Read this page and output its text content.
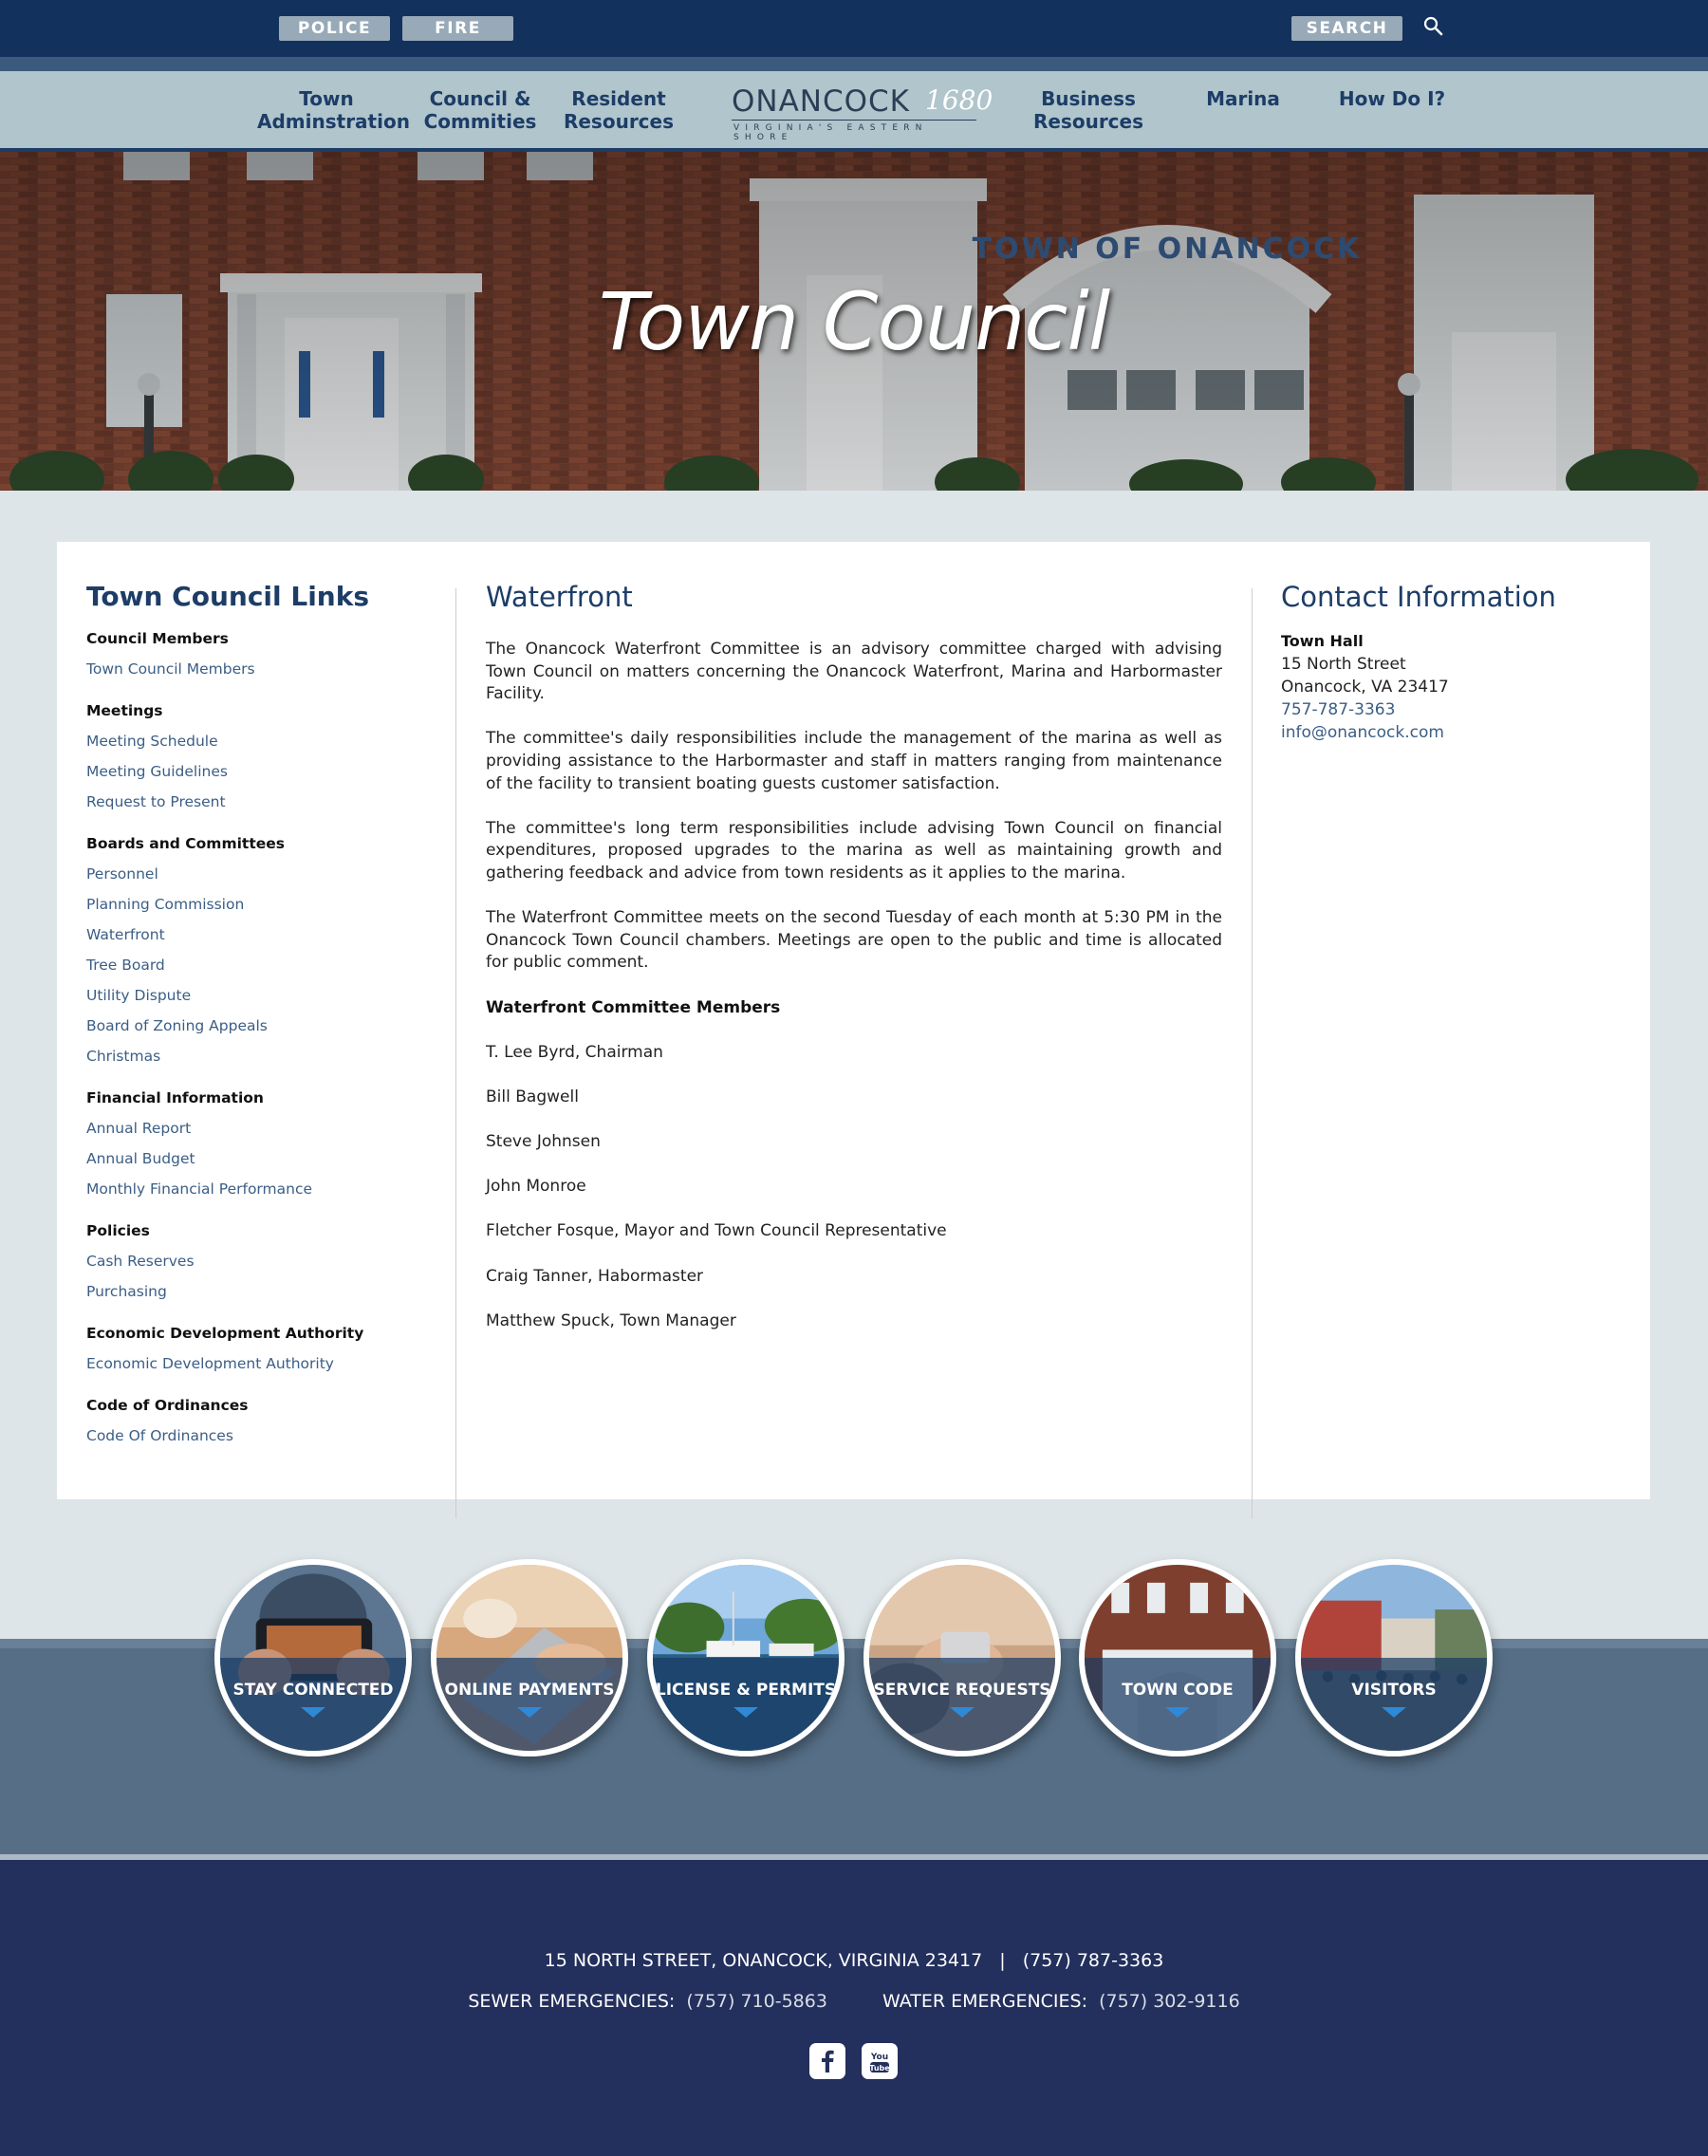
POLICE	FIRE	SEARCH
Town
Adminstration
Council &
Commities
Resident
Resources
ONANCOCK 1680
VIRGINIA'S EASTERN SHORE
Business
Resources
Marina	How Do I?
Town Council
Town Council Links
Council Members
Town Council Members
Meetings
Meeting Schedule
Meeting Guidelines
Request to Present
Boards and Committees
Personnel
Planning Commission
Waterfront
Tree Board
Utility Dispute
Board of Zoning Appeals
Christmas
Financial Information
Annual Report
Annual Budget
Monthly Financial Performance
Policies
Cash Reserves
Purchasing
Economic Development Authority
Economic Development Authority
Code of Ordinances
Code Of Ordinances
Waterfront

The Onancock Waterfront Committee is an advisory committee charged with advising Town Council on matters concerning the Onancock Waterfront, Marina and Harbormaster Facility.

The committee's daily responsibilities include the management of the marina as well as providing assistance to the Harbormaster and staff in matters ranging from maintenance of the facility to transient boating guests customer satisfaction.

The committee's long term responsibilities include advising Town Council on financial expenditures, proposed upgrades to the marina as well as maintaining growth and gathering feedback and advice from town residents as it applies to the marina.

The Waterfront Committee meets on the second Tuesday of each month at 5:30 PM in the Onancock Town Council chambers. Meetings are open to the public and time is allocated for public comment.

Waterfront Committee Members
T. Lee Byrd, Chairman
Bill Bagwell
Steve Johnsen
John Monroe
Fletcher Fosque, Mayor and Town Council Representative
Craig Tanner, Habormaster
Matthew Spuck, Town Manager
Contact Information
Town Hall
15 North Street
Onancock, VA 23417
757-787-3363
info@onancock.com
STAY CONNECTED	ONLINE PAYMENTS	LICENSE & PERMITS SERVICE REQUESTS	TOWN CODE	VISITORS
15 NORTH STREET, ONANCOCK, VIRGINIA 23417 | (757) 787-3363
SEWER EMERGENCIES: (757) 710-5863	WATER EMERGENCIES: (757) 302-9116
You
Tube
